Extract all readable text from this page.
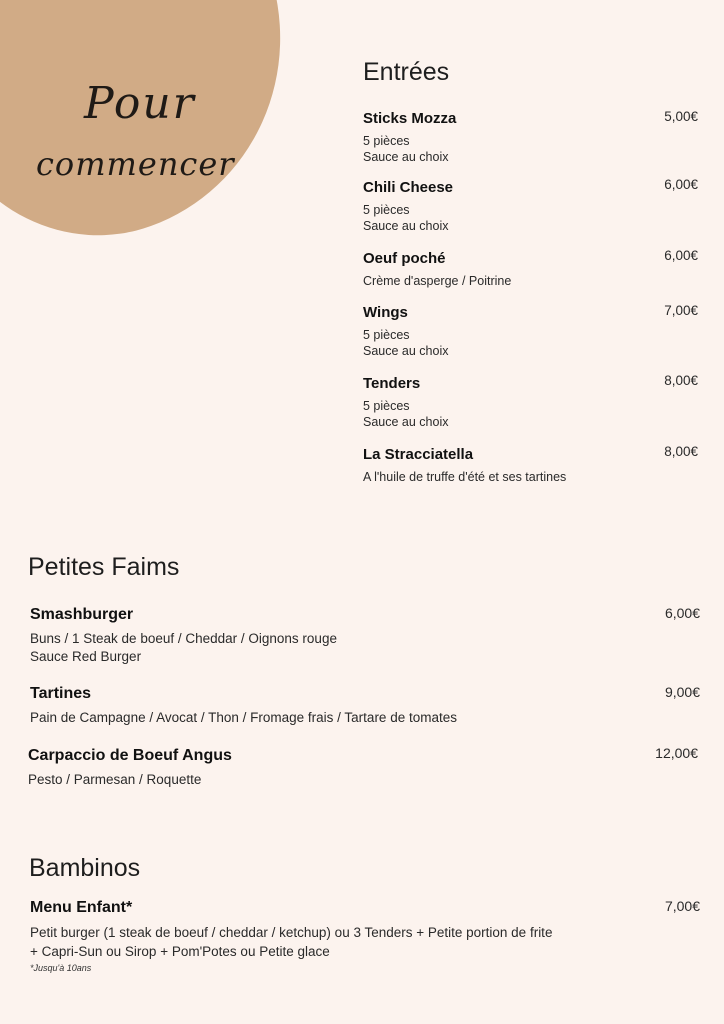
Pour
commencer
Entrées
Sticks Mozza
5 pièces
Sauce au choix
5,00€
Chili Cheese
5 pièces
Sauce au choix
6,00€
Oeuf poché
Crème d'asperge / Poitrine
6,00€
Wings
5 pièces
Sauce au choix
7,00€
Tenders
5 pièces
Sauce au choix
8,00€
La Stracciatella
A l'huile de truffe d'été et ses tartines
8,00€
Petites Faims
Smashburger
Buns / 1 Steak de boeuf / Cheddar / Oignons rouge
Sauce Red Burger
6,00€
Tartines
Pain de Campagne / Avocat / Thon / Fromage frais / Tartare de tomates
9,00€
Carpaccio de Boeuf Angus
Pesto / Parmesan / Roquette
12,00€
Bambinos
Menu Enfant*
Petit burger (1 steak de boeuf / cheddar / ketchup) ou 3 Tenders + Petite portion de frite
+ Capri-Sun ou Sirop + Pom'Potes ou Petite glace
*Jusqu'à 10ans
7,00€
